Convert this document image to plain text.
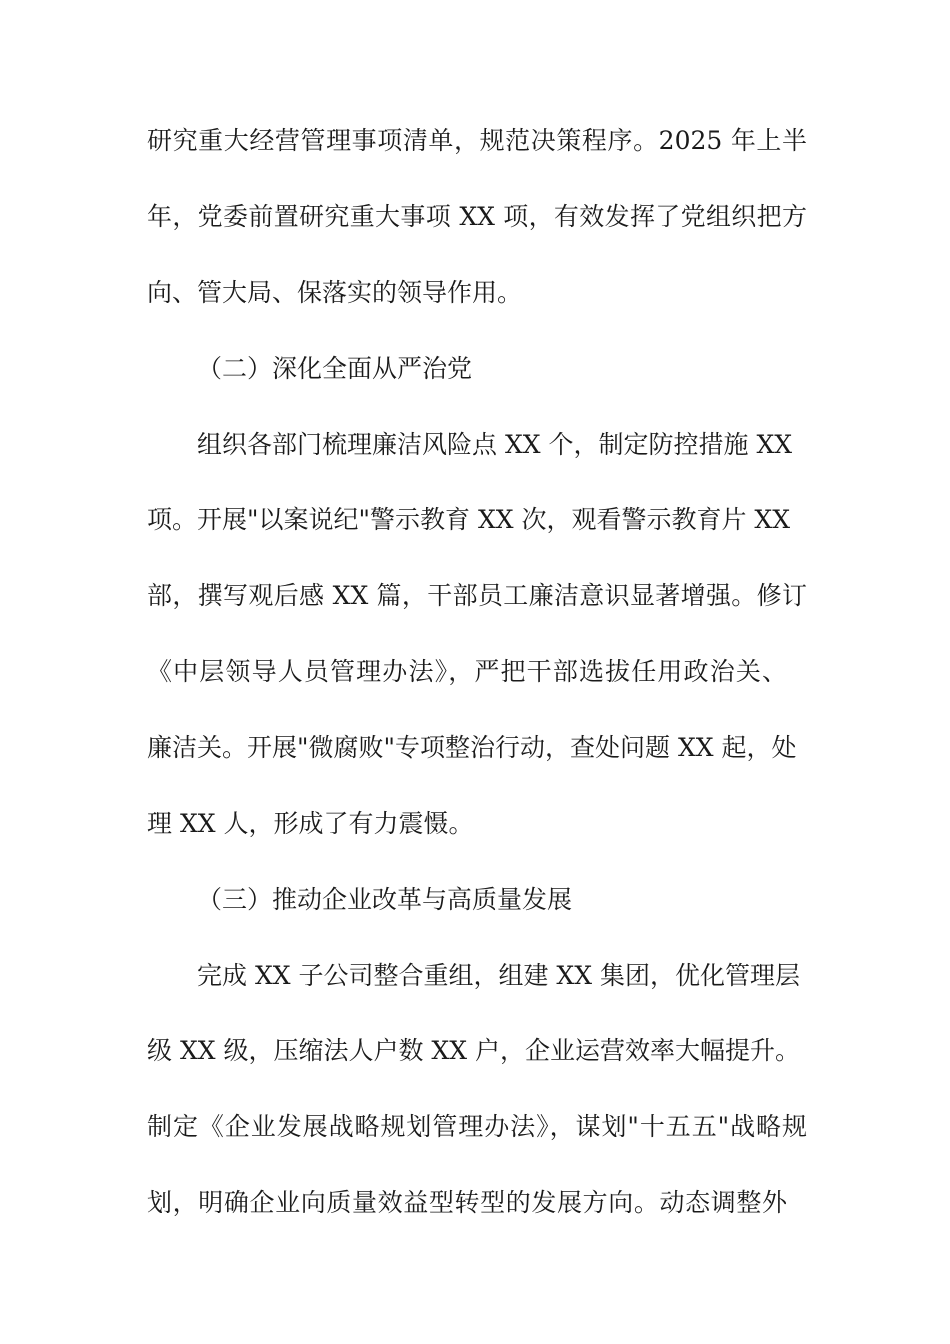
研究重大经营管理事项清单，规范决策程序。2025 年上半
年，党委前置研究重大事项 XX 项，有效发挥了党组织把方
向、管大局、保落实的领导作用。
（二）深化全面从严治党
组织各部门梳理廉洁风险点 XX 个，制定防控措施 XX
项。开展"以案说纪"警示教育 XX 次，观看警示教育片 XX
部，撰写观后感 XX 篇，干部员工廉洁意识显著增强。修订
《中层领导人员管理办法》，严把干部选拔任用政治关、
廉洁关。开展"微腐败"专项整治行动，查处问题 XX 起，处
理 XX 人，形成了有力震慑。
（三）推动企业改革与高质量发展
完成 XX 子公司整合重组，组建 XX 集团，优化管理层
级 XX 级，压缩法人户数 XX 户，企业运营效率大幅提升。
制定《企业发展战略规划管理办法》，谋划"十五五"战略规
划，明确企业向质量效益型转型的发展方向。动态调整外
